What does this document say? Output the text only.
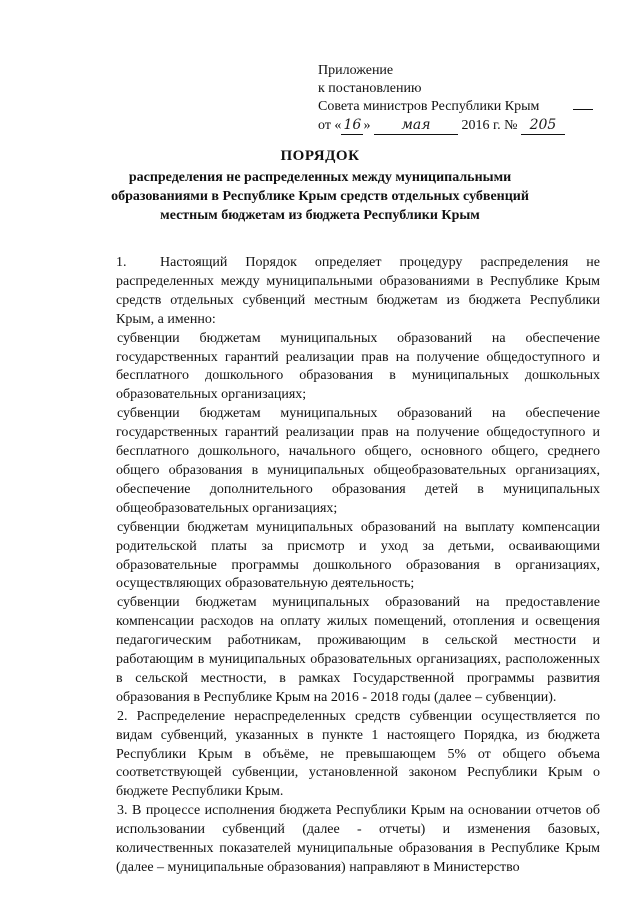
Приложение
к постановлению
Совета министров Республики Крым
от « 16 » мая 2016 г. № 205
ПОРЯДОК
распределения не распределенных между муниципальными
образованиями в Республике Крым средств отдельных субвенций
местным бюджетам из бюджета Республики Крым

1. Настоящий Порядок определяет процедуру распределения не распределенных между муниципальными образованиями в Республике Крым средств отдельных субвенций местным бюджетам из бюджета Республики Крым, а именно:

субвенции бюджетам муниципальных образований на обеспечение государственных гарантий реализации прав на получение общедоступного и бесплатного дошкольного образования в муниципальных дошкольных образовательных организациях;

субвенции бюджетам муниципальных образований на обеспечение государственных гарантий реализации прав на получение общедоступного и бесплатного дошкольного, начального общего, основного общего, среднего общего образования в муниципальных общеобразовательных организациях, обеспечение дополнительного образования детей в муниципальных общеобразовательных организациях;

субвенции бюджетам муниципальных образований на выплату компенсации родительской платы за присмотр и уход за детьми, осваивающими образовательные программы дошкольного образования в организациях, осуществляющих образовательную деятельность;

субвенции бюджетам муниципальных образований на предоставление компенсации расходов на оплату жилых помещений, отопления и освещения педагогическим работникам, проживающим в сельской местности и работающим в муниципальных образовательных организациях, расположенных в сельской местности, в рамках Государственной программы развития образования в Республике Крым на 2016 - 2018 годы (далее – субвенции).

2. Распределение нераспределенных средств субвенции осуществляется по видам субвенций, указанных в пункте 1 настоящего Порядка, из бюджета Республики Крым в объёме, не превышающем 5% от общего объема соответствующей субвенции, установленной законом Республики Крым о бюджете Республики Крым.

3. В процессе исполнения бюджета Республики Крым на основании отчетов об использовании субвенций (далее - отчеты) и изменения базовых, количественных показателей муниципальные образования в Республике Крым (далее – муниципальные образования) направляют в Министерство
